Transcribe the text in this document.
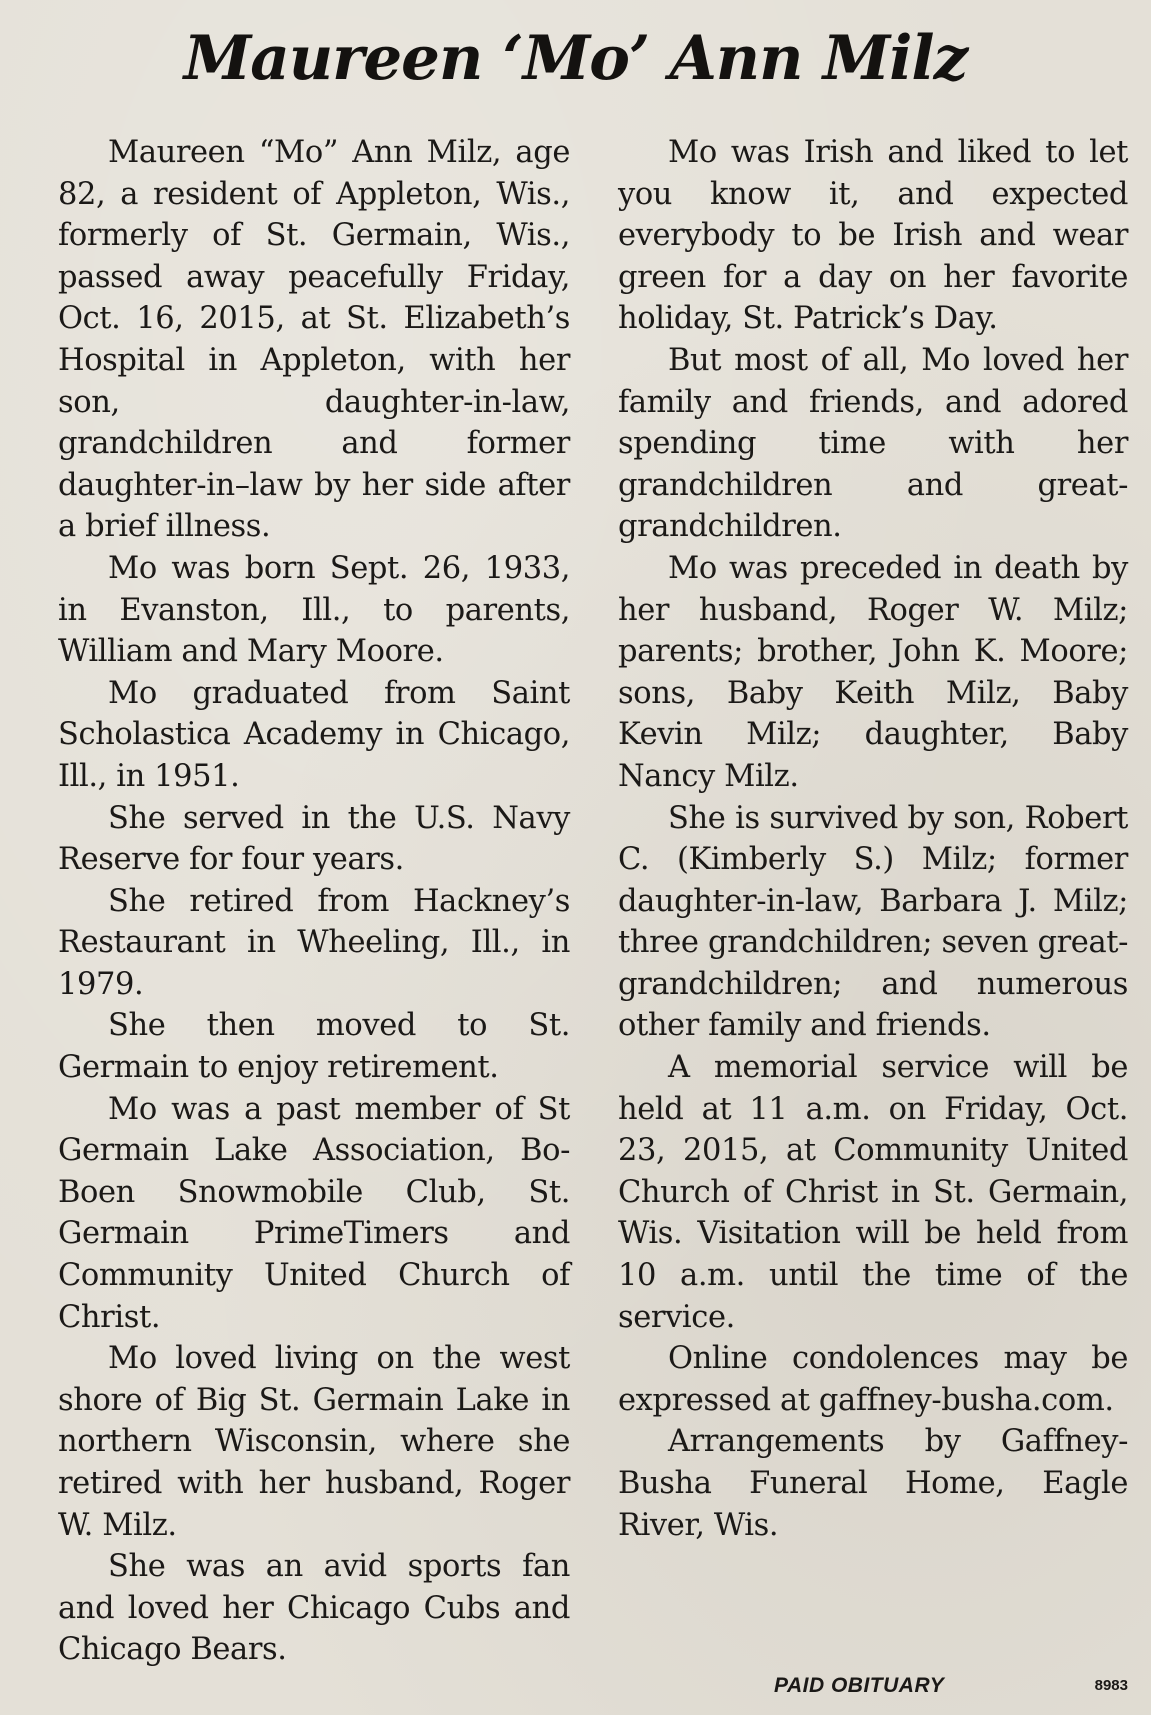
Maureen ‘Mo’ Ann Milz

Maureen “Mo” Ann Milz, age 82, a resident of Appleton, Wis., formerly of St. Germain, Wis., passed away peacefully Friday, Oct. 16, 2015, at St. Elizabeth’s Hospital in Appleton, with her son, daughter-in-law, grandchildren and former daughter-in–law by her side after a brief illness.

Mo was born Sept. 26, 1933, in Evanston, Ill., to parents, William and Mary Moore.

Mo graduated from Saint Scholastica Academy in Chicago, Ill., in 1951.

She served in the U.S. Navy Reserve for four years.

She retired from Hackney’s Restaurant in Wheeling, Ill., in 1979.

She then moved to St. Germain to enjoy retirement.

Mo was a past member of St Germain Lake Association, Bo-Boen Snowmobile Club, St. Germain PrimeTimers and Community United Church of Christ.

Mo loved living on the west shore of Big St. Germain Lake in northern Wisconsin, where she retired with her husband, Roger W. Milz.

She was an avid sports fan and loved her Chicago Cubs and Chicago Bears.

Mo was Irish and liked to let you know it, and expected everybody to be Irish and wear green for a day on her favorite holiday, St. Patrick’s Day.

But most of all, Mo loved her family and friends, and adored spending time with her grandchildren and great-grandchildren.

Mo was preceded in death by her husband, Roger W. Milz; parents; brother, John K. Moore; sons, Baby Keith Milz, Baby Kevin Milz; daughter, Baby Nancy Milz.

She is survived by son, Robert C. (Kimberly S.) Milz; former daughter-in-law, Barbara J. Milz; three grandchildren; seven great-grandchildren; and numerous other family and friends.

A memorial service will be held at 11 a.m. on Friday, Oct. 23, 2015, at Community United Church of Christ in St. Germain, Wis. Visitation will be held from 10 a.m. until the time of the service.

Online condolences may be expressed at gaffney-busha.com.

Arrangements by Gaffney-Busha Funeral Home, Eagle River, Wis.

PAID OBITUARY	8983
